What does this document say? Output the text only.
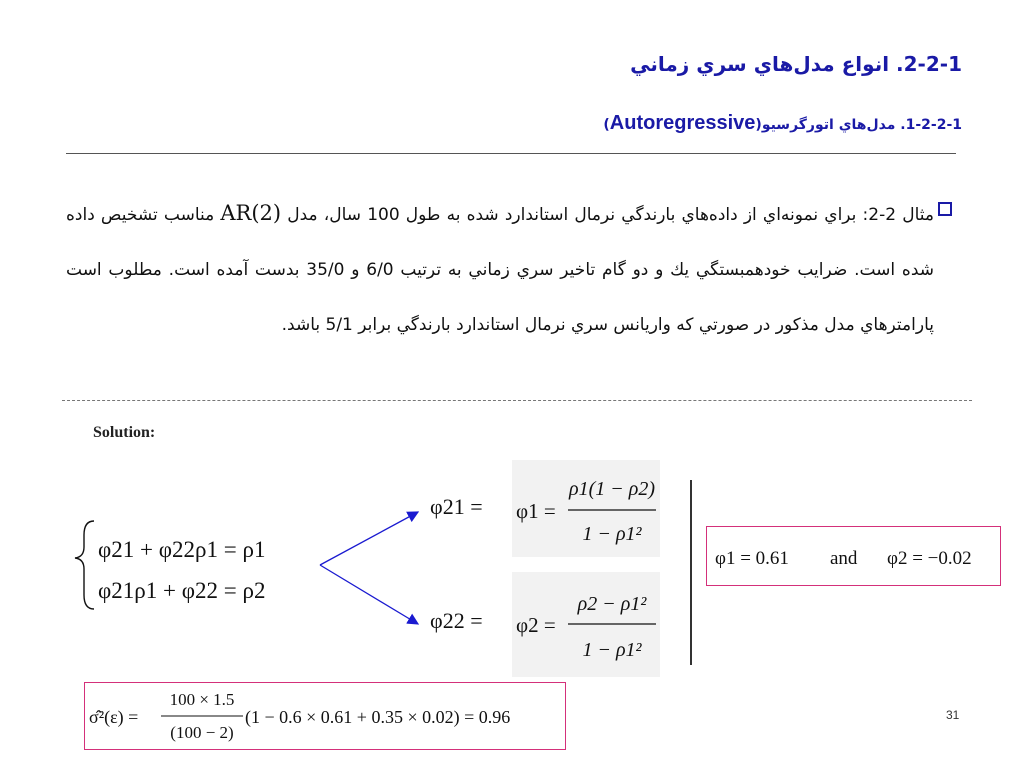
2-2-1. انواع مدل‌هاي سري زماني
1-2-2-1. مدل‌هاي اتورگرسيو(Autoregressive)
مثال 2-2: براي نمونه‌اي از داده‌هاي بارندگي نرمال استاندارد شده به طول 100 سال، مدل AR(2) مناسب تشخيص داده شده است. ضرايب خودهمبستگي يك و دو گام تاخير سري زماني به ترتيب 6/0 و 35/0 بدست آمده است. مطلوب است پارامترهاي مدل مذكور در صورتي كه واريانس سري نرمال استاندارد بارندگي برابر 5/1 باشد.
Solution:
φ21 + φ22ρ1 = ρ1
φ21ρ1 + φ22 = ρ2
φ21 =
φ22 =
φ1 =
ρ1(1 − ρ2)
1 − ρ1²
φ2 =
ρ2 − ρ1²
1 − ρ1²
φ1 = 0.61 and φ2 = −0.02
σ̂²(ε) =
100 × 1.5
(100 − 2)
(1 − 0.6 × 0.61 + 0.35 × 0.02) = 0.96	31
